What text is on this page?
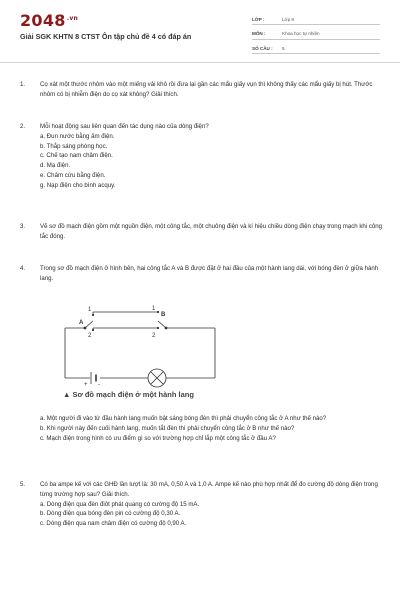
$2048^{.vn}$
Giải SGK KHTN 8 CTST Ôn tập chủ đề 4 có đáp án
LỚP :	Lớp 8
MÔN :	Khoa học tự nhiên
SỐ CÂU :	5
1.	Cọ xát một thước nhôm vào một miếng vải khô rồi đưa lại gần các mẩu giấy vụn thì không thấy các mẩu giấy bị hút. Thước nhôm có bị nhiễm điện do cọ xát không? Giải thích.

2.	Mỗi hoạt động sau liên quan đến tác dụng nào của dòng điện?

a. Đun nước bằng ấm điện.

b. Thắp sáng phòng học.

c. Chế tạo nam châm điện.

d. Mạ điện.

e. Châm cứu bằng điện.

g. Nạp điện cho bình acquy.

3.	Vẽ sơ đồ mạch điện gồm một nguồn điện, một công tắc, một chuông điện và kí hiệu chiều dòng điện chạy trong mạch khi công tắc đóng.

4.	Trong sơ đồ mạch điện ở hình bên, hai công tắc A và B được đặt ở hai đầu của một hành lang dài, với bóng đèn ở giữa hành lang.

1
A
2
B
1
2
+ -
▲ Sơ đồ mạch điện ở một hành lang

a. Một người đi vào từ đầu hành lang muốn bật sáng bóng đèn thì phải chuyển công tắc ở A như thế nào?

b. Khi người này đến cuối hành lang, muốn tắt đèn thì phải chuyển công tắc ở B như thế nào?

c. Mạch điện trong hình có ưu điểm gì so với trường hợp chỉ lắp một công tắc ở đầu A?

5.	Có ba ampe kế với các GHĐ lần lượt là: 30 mA, 0,50 A và 1,0 A. Ampe kế nào phù hợp nhất để đo cường độ dòng điện trong từng trường hợp sau? Giải thích.

a. Dòng điện qua đèn điôt phát quang có cường độ 15 mA.

b. Dòng điện qua bóng đèn pin có cường độ 0,30 A.

c. Dòng điện qua nam châm điện có cường độ 0,90 A.
